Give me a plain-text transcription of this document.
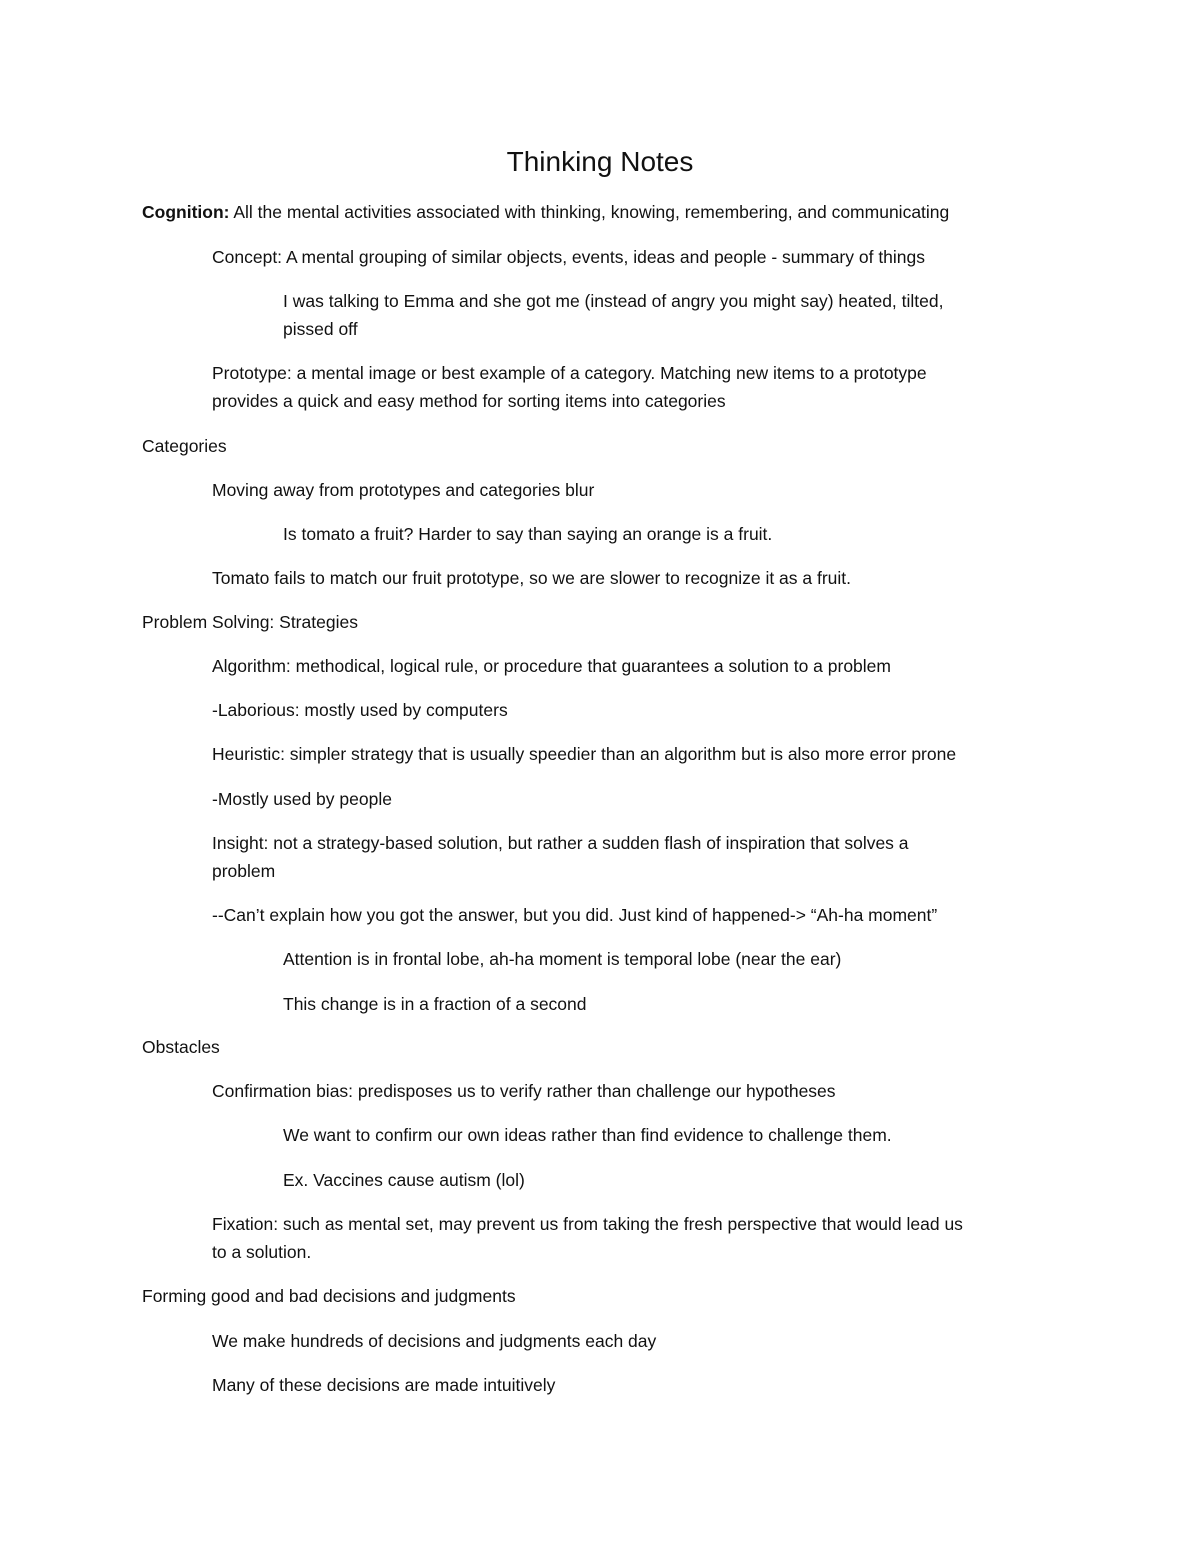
Thinking Notes
Cognition: All the mental activities associated with thinking, knowing, remembering, and communicating
Concept: A mental grouping of similar objects, events, ideas and people - summary of things
I was talking to Emma and she got me (instead of angry you might say) heated, tilted,
pissed off
Prototype: a mental image or best example of a category. Matching new items to a prototype
provides a quick and easy method for sorting items into categories
Categories
Moving away from prototypes and categories blur
Is tomato a fruit? Harder to say than saying an orange is a fruit.
Tomato fails to match our fruit prototype, so we are slower to recognize it as a fruit.
Problem Solving: Strategies
Algorithm: methodical, logical rule, or procedure that guarantees a solution to a problem
-Laborious: mostly used by computers
Heuristic: simpler strategy that is usually speedier than an algorithm but is also more error prone
-Mostly used by people
Insight: not a strategy-based solution, but rather a sudden flash of inspiration that solves a
problem
--Can’t explain how you got the answer, but you did. Just kind of happened-> “Ah-ha moment”
Attention is in frontal lobe, ah-ha moment is temporal lobe (near the ear)
This change is in a fraction of a second
Obstacles
Confirmation bias: predisposes us to verify rather than challenge our hypotheses
We want to confirm our own ideas rather than find evidence to challenge them.
Ex. Vaccines cause autism (lol)
Fixation: such as mental set, may prevent us from taking the fresh perspective that would lead us
to a solution.
Forming good and bad decisions and judgments
We make hundreds of decisions and judgments each day
Many of these decisions are made intuitively
